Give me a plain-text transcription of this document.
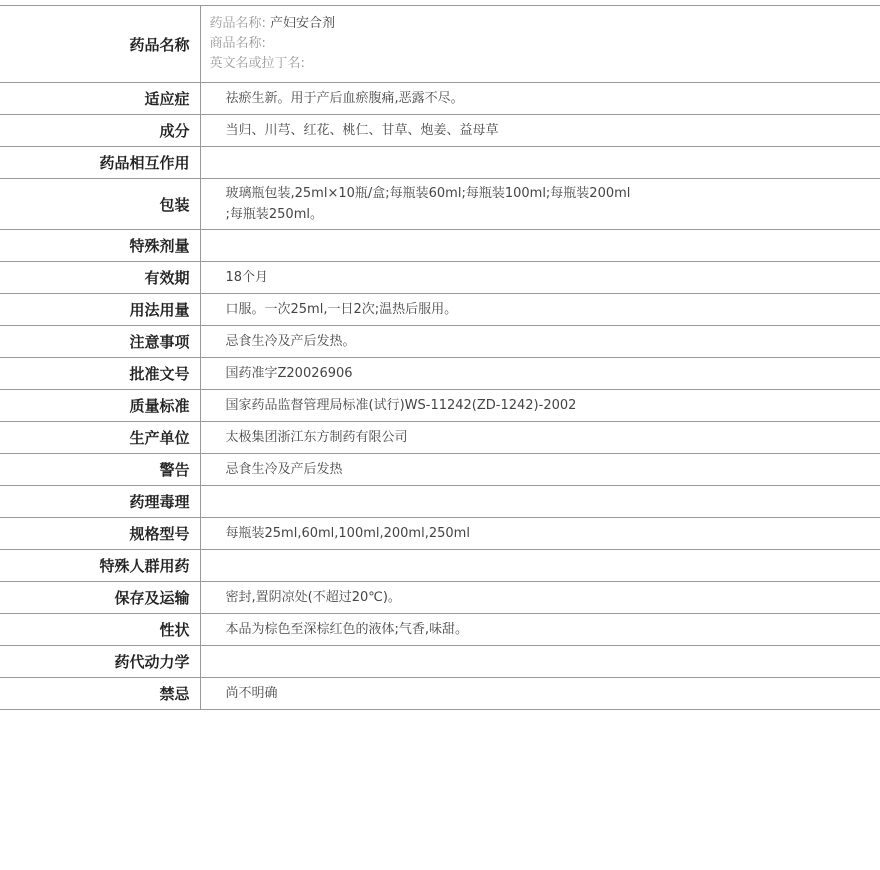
药品名称	药品名称: 产妇安合剂
商品名称:
英文名或拉丁名:

适应症	祛瘀生新。用于产后血瘀腹痛,恶露不尽。
成分	当归、川芎、红花、桃仁、甘草、炮姜、益母草
药品相互作用	
包装	玻璃瓶包装,25ml×10瓶/盒;每瓶装60ml;每瓶装100ml;每瓶装200ml
;每瓶装250ml。
特殊剂量	
有效期	18个月
用法用量	口服。一次25ml,一日2次;温热后服用。
注意事项	忌食生冷及产后发热。
批准文号	国药准字Z20026906
质量标准	国家药品监督管理局标准(试行)WS-11242(ZD-1242)-2002
生产单位	太极集团浙江东方制药有限公司
警告	忌食生冷及产后发热
药理毒理	
规格型号	每瓶装25ml,60ml,100ml,200ml,250ml
特殊人群用药	
保存及运输	密封,置阴凉处(不超过20℃)。
性状	本品为棕色至深棕红色的液体;气香,味甜。
药代动力学	
禁忌	尚不明确
